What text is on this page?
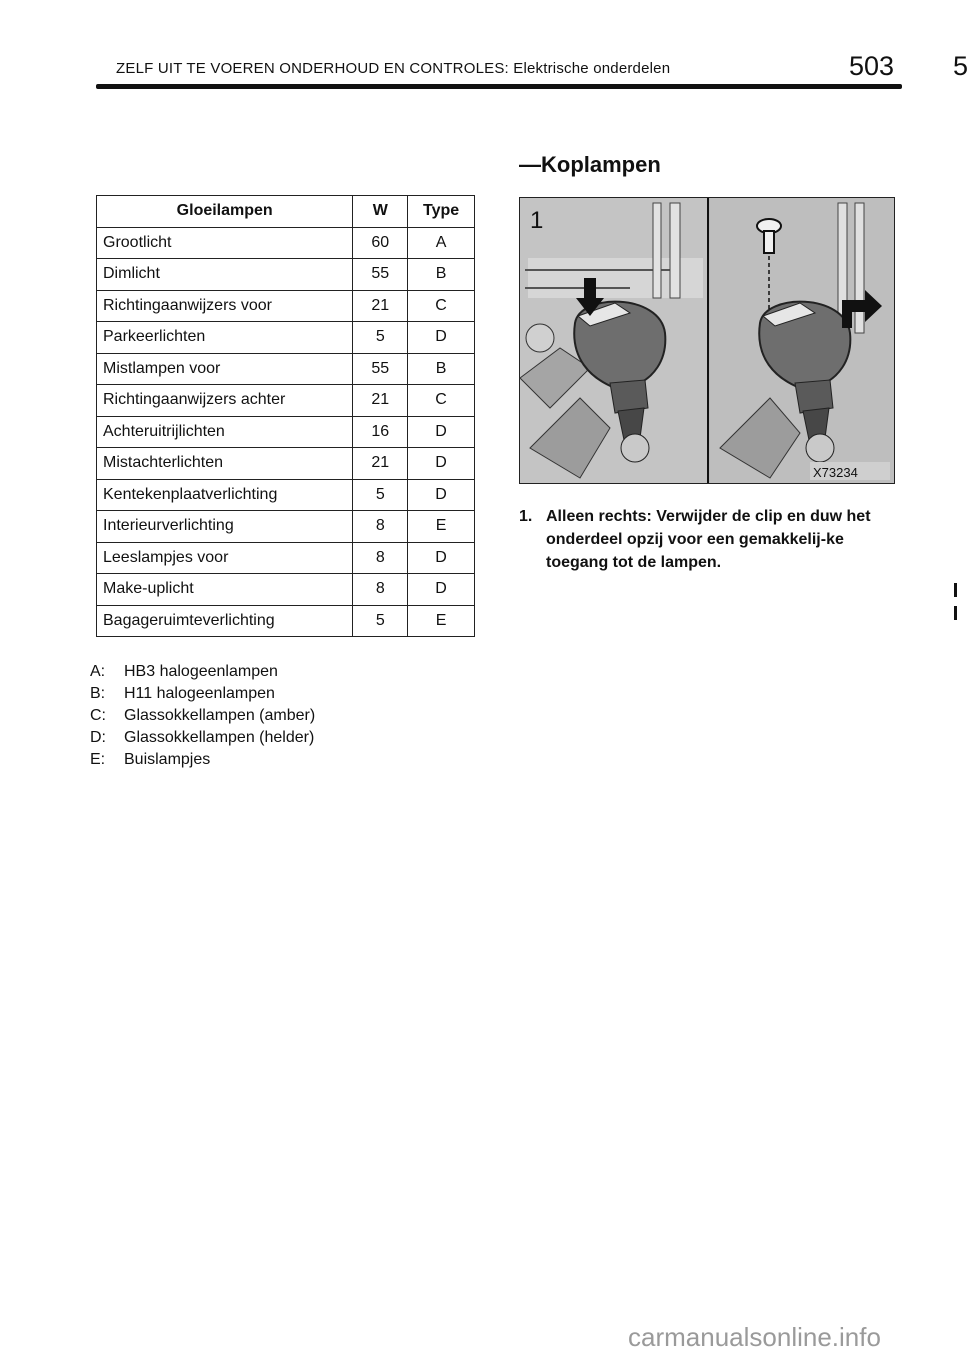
ZELF UIT TE VOEREN ONDERHOUD EN CONTROLES: Elektrische onderdelen	503 5
Gloeilampen	W	Type
Grootlicht	60	A
Dimlicht	55	B
Richtingaanwijzers voor	21	C
Parkeerlichten	5	D
Mistlampen voor	55	B
Richtingaanwijzers achter	21	C
Achteruitrijlichten	16	D
Mistachterlichten	21	D
Kentekenplaatverlichting	5	D
Interieurverlichting	8	E
Leeslampjes voor	8	D
Make-uplicht	8	D
Bagageruimteverlichting	5	E
A: HB3 halogeenlampen
B: H11 halogeenlampen
C: Glassokkellampen (amber)
D: Glassokkellampen (helder)
E: Buislampjes
—Koplampen
1
X73234
1. Alleen rechts: Verwijder de clip en duw het onderdeel opzij voor een gemakkelij-ke toegang tot de lampen.
carmanualsonline.info
